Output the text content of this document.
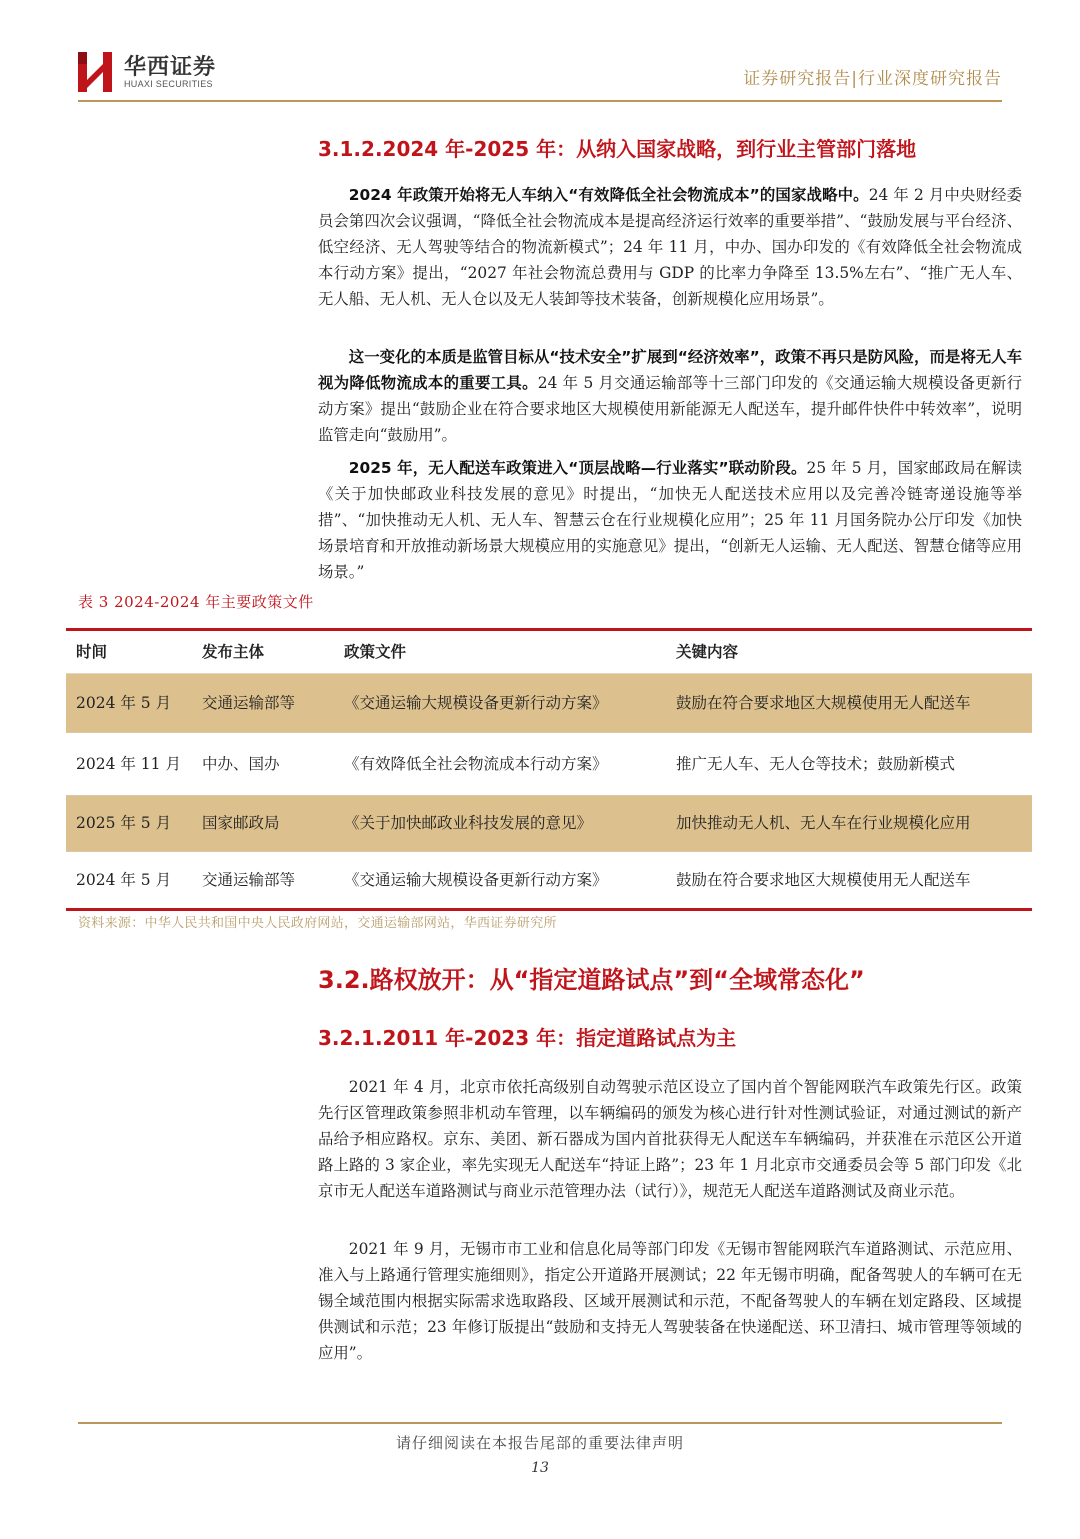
华西证券
HUAXI SECURITIES	证券研究报告|行业深度研究报告
3.1.2.2024 年-2025 年：从纳入国家战略，到行业主管部门落地
2024 年政策开始将无人车纳入“有效降低全社会物流成本”的国家战略中。24 年 2 月中央财经委员会第四次会议强调，“降低全社会物流成本是提高经济运行效率的重要举措”、“鼓励发展与平台经济、低空经济、无人驾驶等结合的物流新模式”；24 年 11 月，中办、国办印发的《有效降低全社会物流成本行动方案》提出，“2027 年社会物流总费用与 GDP 的比率力争降至 13.5%左右”、“推广无人车、无人船、无人机、无人仓以及无人装卸等技术装备，创新规模化应用场景”。
这一变化的本质是监管目标从“技术安全”扩展到“经济效率”，政策不再只是防风险，而是将无人车视为降低物流成本的重要工具。24 年 5 月交通运输部等十三部门印发的《交通运输大规模设备更新行动方案》提出“鼓励企业在符合要求地区大规模使用新能源无人配送车，提升邮件快件中转效率”，说明监管走向“鼓励用”。
2025 年，无人配送车政策进入“顶层战略—行业落实”联动阶段。25 年 5 月，国家邮政局在解读《关于加快邮政业科技发展的意见》时提出，“加快无人配送技术应用以及完善冷链寄递设施等举措”、“加快推动无人机、无人车、智慧云仓在行业规模化应用”；25 年 11 月国务院办公厅印发《加快场景培育和开放推动新场景大规模应用的实施意见》提出，“创新无人运输、无人配送、智慧仓储等应用场景。”
表 3 2024-2024 年主要政策文件
时间	发布主体	政策文件	关键内容
2024 年 5 月	交通运输部等	《交通运输大规模设备更新行动方案》	鼓励在符合要求地区大规模使用无人配送车
2024 年 11 月	中办、国办	《有效降低全社会物流成本行动方案》	推广无人车、无人仓等技术；鼓励新模式
2025 年 5 月	国家邮政局	《关于加快邮政业科技发展的意见》	加快推动无人机、无人车在行业规模化应用
2024 年 5 月	交通运输部等	《交通运输大规模设备更新行动方案》	鼓励在符合要求地区大规模使用无人配送车
资料来源：中华人民共和国中央人民政府网站，交通运输部网站，华西证券研究所
3.2.路权放开：从“指定道路试点”到“全域常态化”
3.2.1.2011 年-2023 年：指定道路试点为主
2021 年 4 月，北京市依托高级别自动驾驶示范区设立了国内首个智能网联汽车政策先行区。政策先行区管理政策参照非机动车管理，以车辆编码的颁发为核心进行针对性测试验证，对通过测试的新产品给予相应路权。京东、美团、新石器成为国内首批获得无人配送车车辆编码，并获准在示范区公开道路上路的 3 家企业，率先实现无人配送车“持证上路”；23 年 1 月北京市交通委员会等 5 部门印发《北京市无人配送车道路测试与商业示范管理办法（试行）》，规范无人配送车道路测试及商业示范。
2021 年 9 月，无锡市市工业和信息化局等部门印发《无锡市智能网联汽车道路测试、示范应用、准入与上路通行管理实施细则》，指定公开道路开展测试；22 年无锡市明确，配备驾驶人的车辆可在无锡全域范围内根据实际需求选取路段、区域开展测试和示范，不配备驾驶人的车辆在划定路段、区域提供测试和示范；23 年修订版提出“鼓励和支持无人驾驶装备在快递配送、环卫清扫、城市管理等领域的应用”。
请仔细阅读在本报告尾部的重要法律声明
13
